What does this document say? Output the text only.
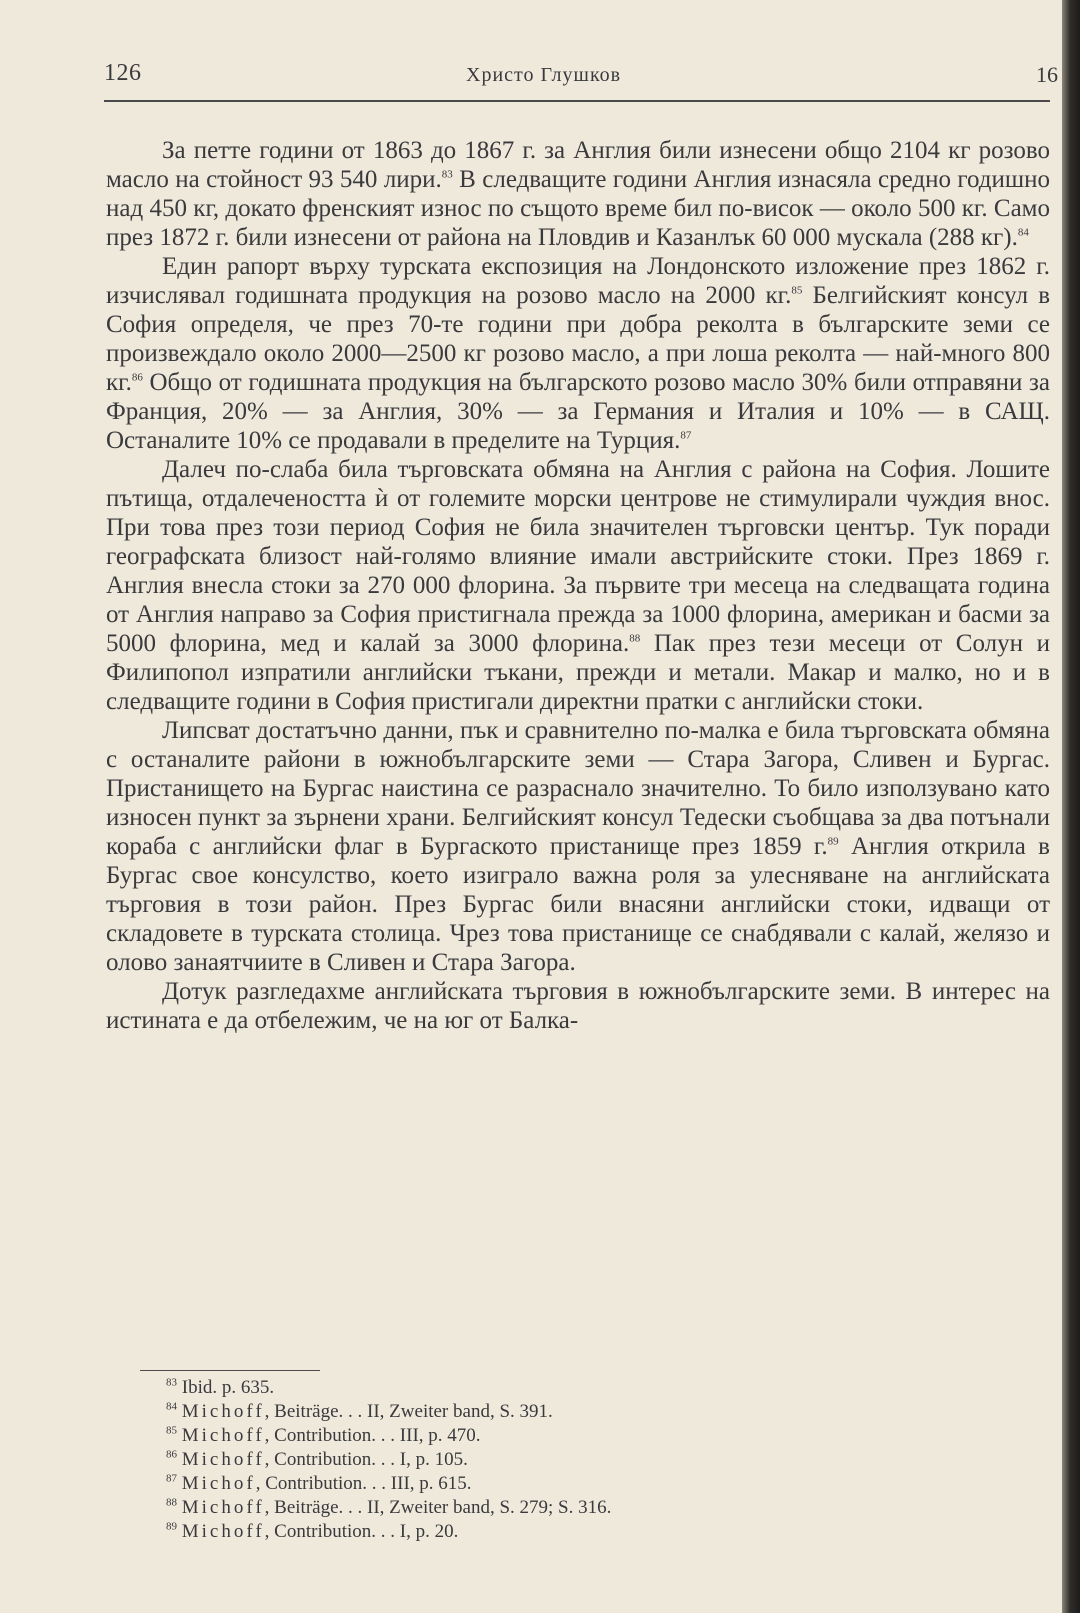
126	Христо Глушков	16

За петте години от 1863 до 1867 г. за Англия били изнесени общо 2104 кг розово масло на стойност 93 540 лири.$^{83}$ В следващите години Англия изнасяла средно годишно над 450 кг, докато френският износ по същото време бил по-висок — около 500 кг. Само през 1872 г. били изнесени от района на Пловдив и Казанлък 60 000 мускала (288 кг).$^{84}$

Един рапорт върху турската експозиция на Лондонското изложение през 1862 г. изчислявал годишната продукция на розово масло на 2000 кг.$^{85}$ Белгийският консул в София определя, че през 70-те години при добра реколта в българските земи се произвеждало около 2000—2500 кг розово масло, а при лоша реколта — най-много 800 кг.$^{86}$ Общо от годишната продукция на българското розово масло 30% били отправяни за Франция, 20% — за Англия, 30% — за Германия и Италия и 10% — в САЩ. Останалите 10% се продавали в пределите на Турция.$^{87}$

Далеч по-слаба била търговската обмяна на Англия с района на София. Лошите пътища, отдалечеността ѝ от големите морски центрове не стимулирали чуждия внос. При това през този период София не била значителен търговски център. Тук поради географската близост най-голямо влияние имали австрийските стоки. През 1869 г. Англия внесла стоки за 270 000 флорина. За първите три месеца на следващата година от Англия направо за София пристигнала прежда за 1000 флорина, американ и басми за 5000 флорина, мед и калай за 3000 флорина.$^{88}$ Пак през тези месеци от Солун и Филипопол изпратили английски тъкани, прежди и метали. Макар и малко, но и в следващите години в София пристигали директни пратки с английски стоки.

Липсват достатъчно данни, пък и сравнително по-малка е била търговската обмяна с останалите райони в южнобългарските земи — Стара Загора, Сливен и Бургас. Пристанището на Бургас наистина се разраснало значително. То било използувано като износен пункт за зърнени храни. Белгийският консул Тедески съобщава за два потънали кораба с английски флаг в Бургаското пристанище през 1859 г.$^{89}$ Англия открила в Бургас свое консулство, което изиграло важна роля за улесняване на английската търговия в този район. През Бургас били внасяни английски стоки, идващи от складовете в турската столица. Чрез това пристанище се снабдявали с калай, желязо и олово занаятчиите в Сливен и Стара Загора.

Дотук разгледахме английската търговия в южнобългарските земи. В интерес на истината е да отбележим, че на юг от Балка-

$^{83}$ Ibid. p. 635.
$^{84}$ Michoff, Beiträge. . . II, Zweiter band, S. 391.
$^{85}$ Michoff, Contribution. . . III, p. 470.
$^{86}$ Michoff, Contribution. . . I, p. 105.
$^{87}$ Michof, Contribution. . . III, p. 615.
$^{88}$ Michoff, Beiträge. . . II, Zweiter band, S. 279; S. 316.
$^{89}$ Michoff, Contribution. . . I, p. 20.
